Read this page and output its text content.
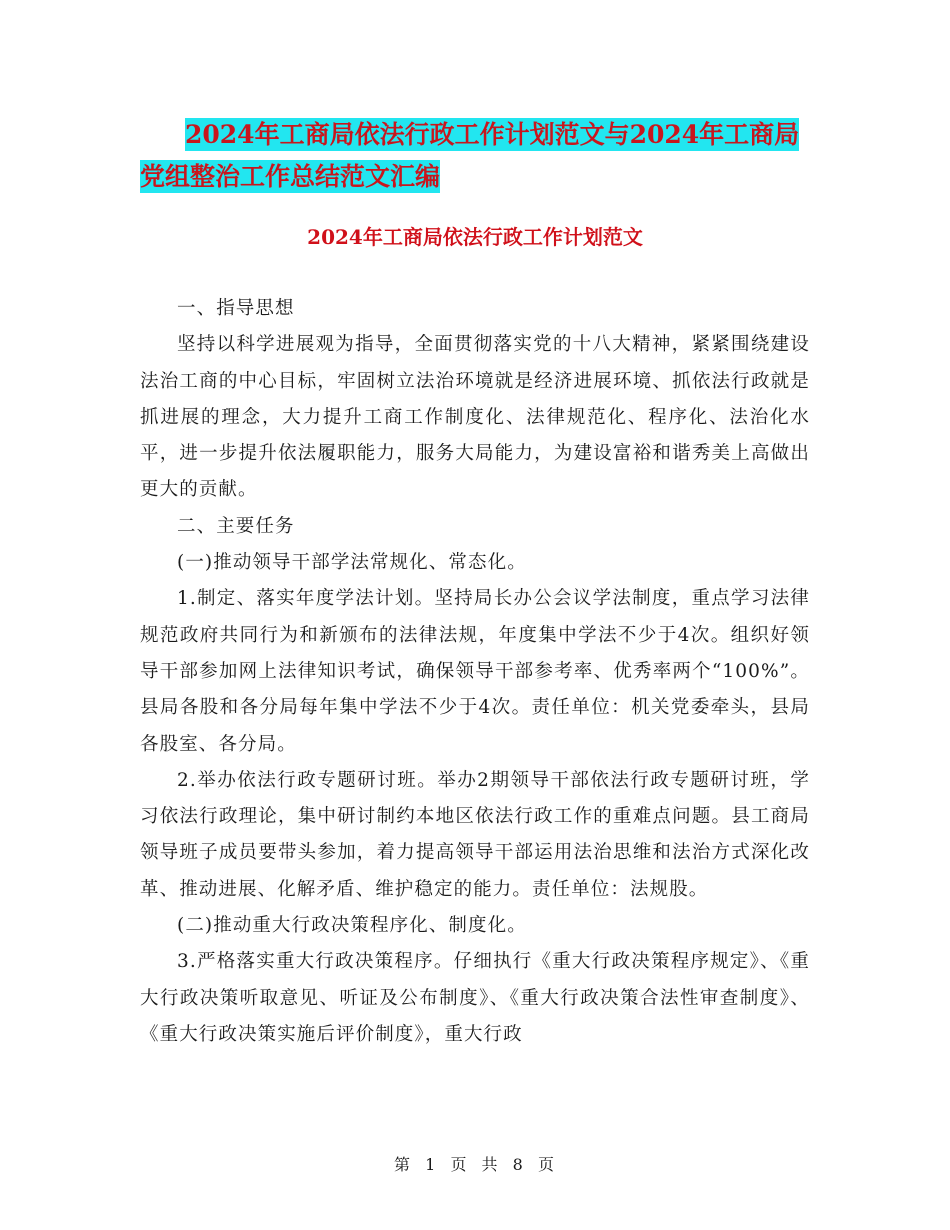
2024年工商局依法行政工作计划范文与2024年工商局
党组整治工作总结范文汇编
2024年工商局依法行政工作计划范文

一、指导思想

坚持以科学进展观为指导，全面贯彻落实党的十八大精神，紧紧围绕建设法治工商的中心目标，牢固树立法治环境就是经济进展环境、抓依法行政就是抓进展的理念，大力提升工商工作制度化、法律规范化、程序化、法治化水平，进一步提升依法履职能力，服务大局能力，为建设富裕和谐秀美上高做出更大的贡献。

二、主要任务

(一)推动领导干部学法常规化、常态化。

1.制定、落实年度学法计划。坚持局长办公会议学法制度，重点学习法律规范政府共同行为和新颁布的法律法规，年度集中学法不少于4次。组织好领导干部参加网上法律知识考试，确保领导干部参考率、优秀率两个“100%”。县局各股和各分局每年集中学法不少于4次。责任单位：机关党委牵头，县局各股室、各分局。

2.举办依法行政专题研讨班。举办2期领导干部依法行政专题研讨班，学习依法行政理论，集中研讨制约本地区依法行政工作的重难点问题。县工商局领导班子成员要带头参加，着力提高领导干部运用法治思维和法治方式深化改革、推动进展、化解矛盾、维护稳定的能力。责任单位：法规股。

(二)推动重大行政决策程序化、制度化。

3.严格落实重大行政决策程序。仔细执行《重大行政决策程序规定》、《重大行政决策听取意见、听证及公布制度》、《重大行政决策合法性审查制度》、《重大行政决策实施后评价制度》，重大行政

第 1 页 共 8 页
